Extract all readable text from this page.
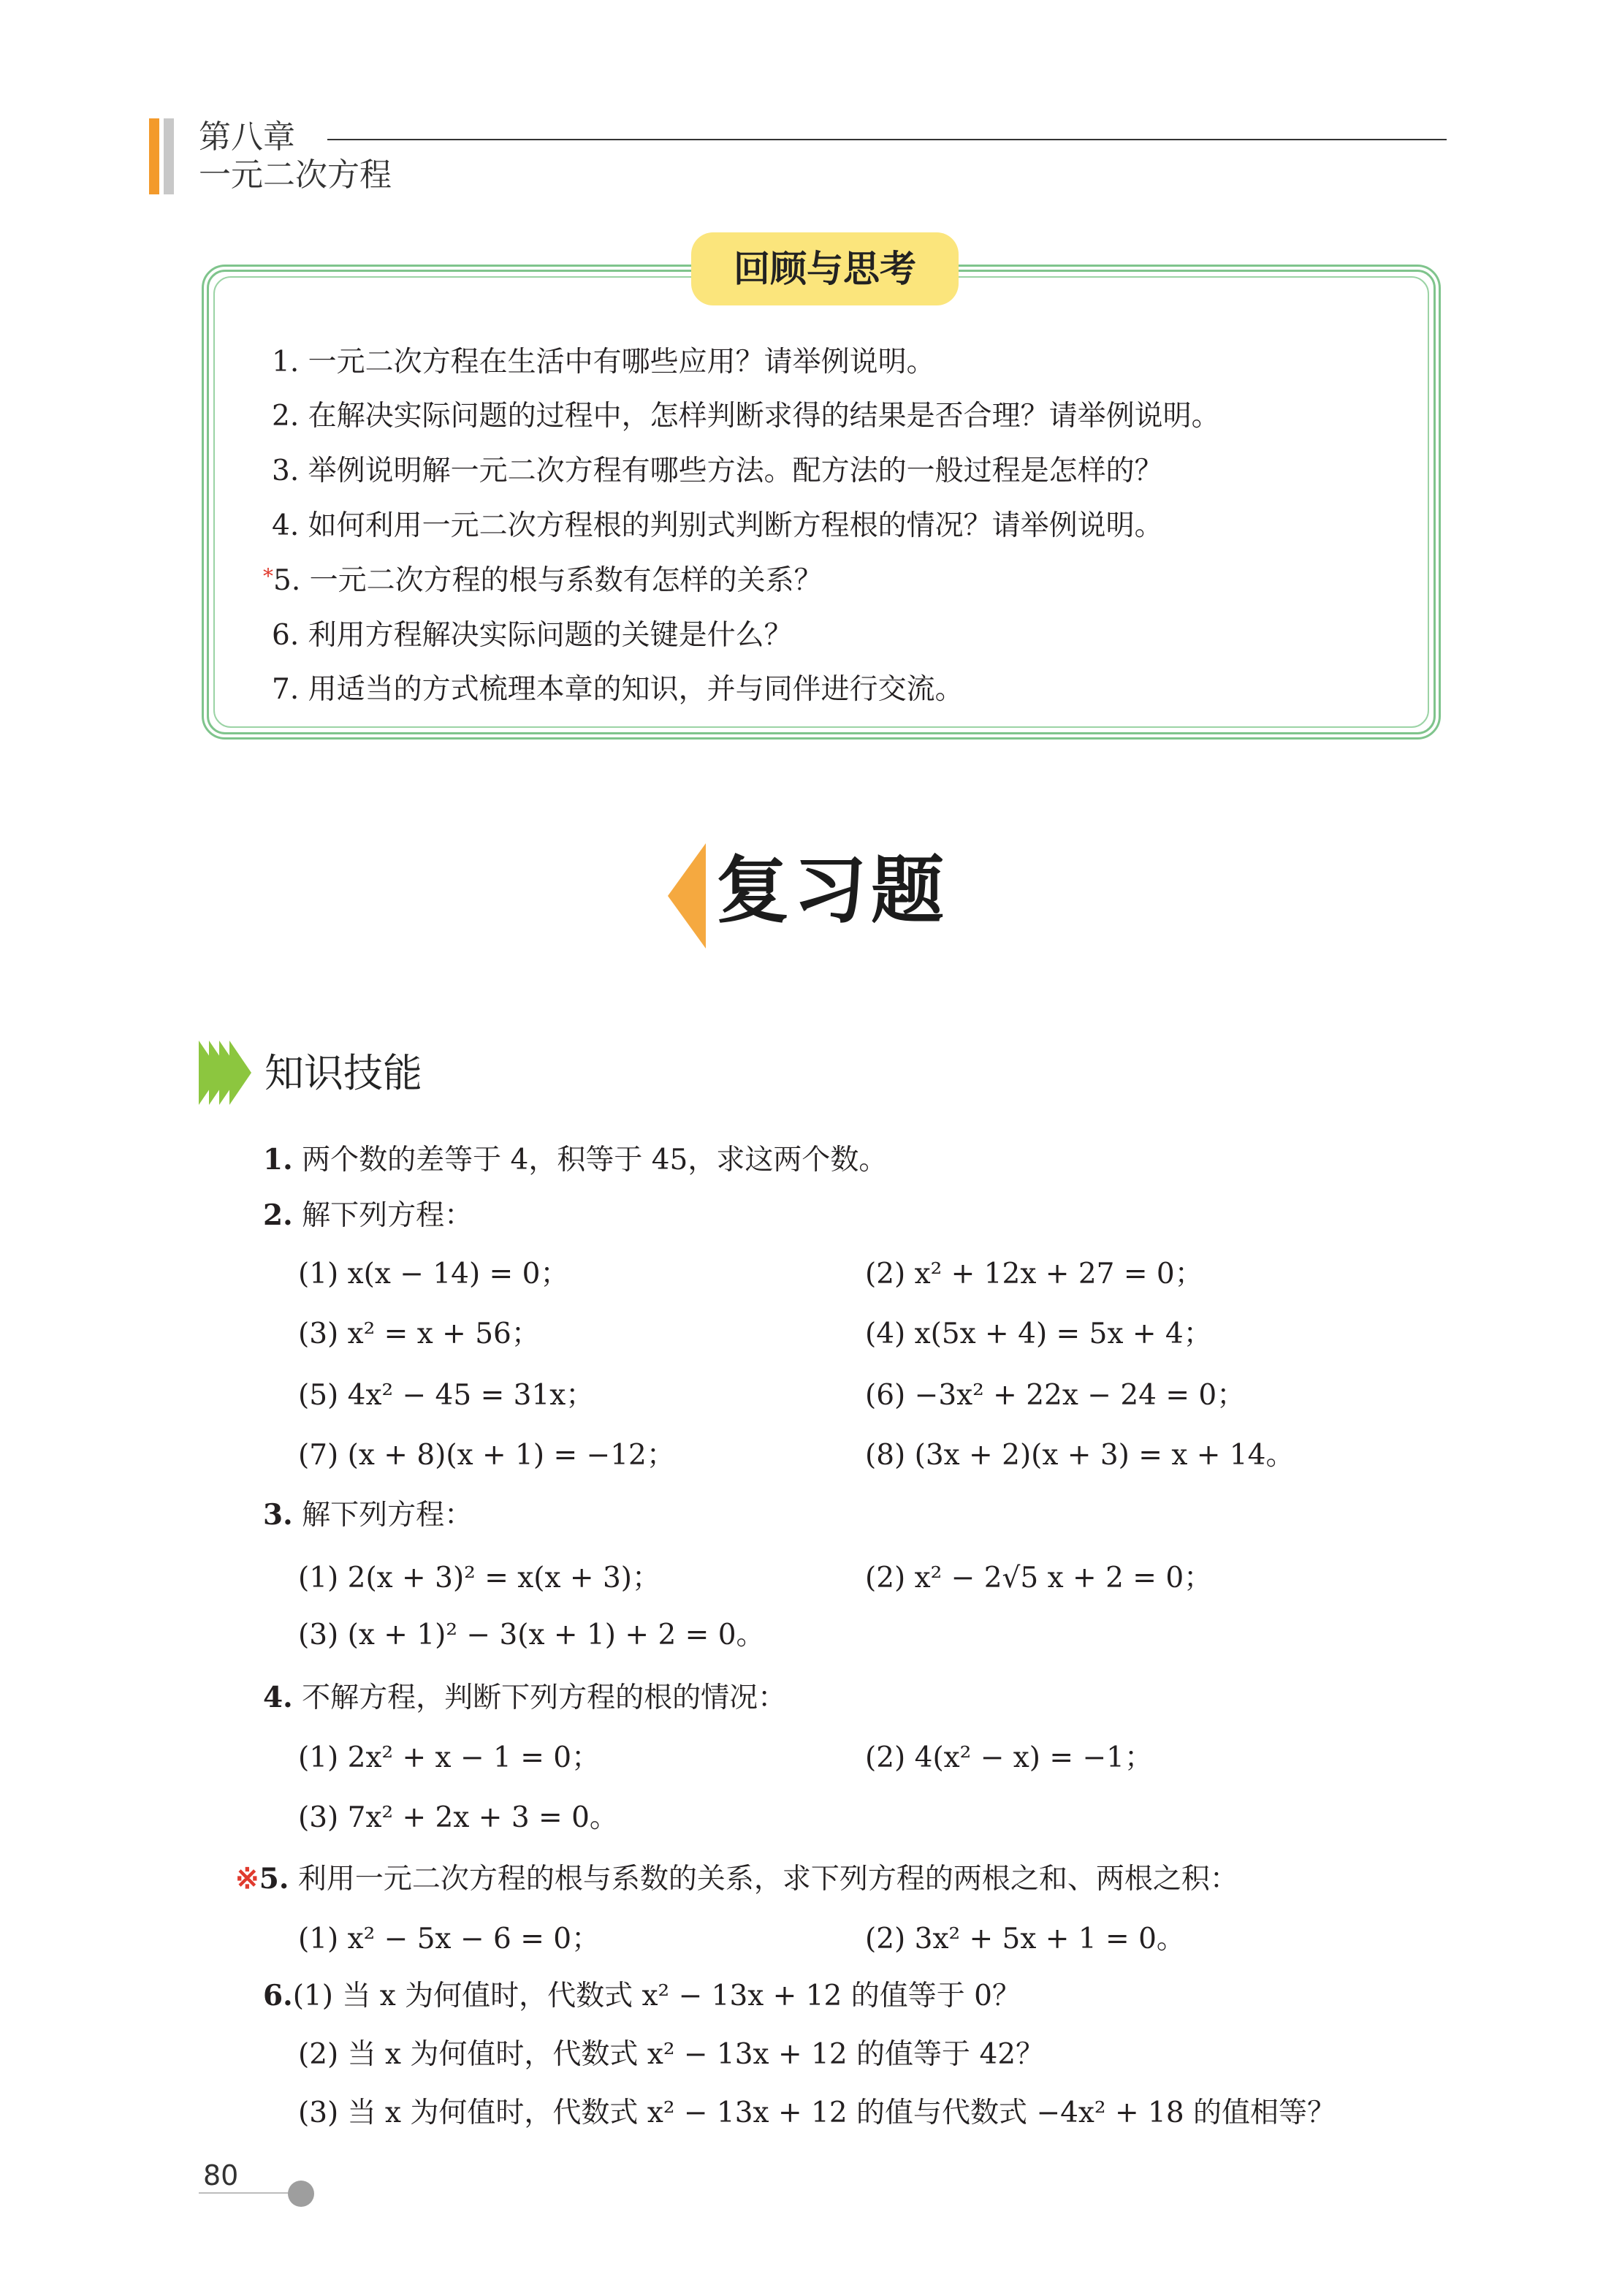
第八章
一元二次方程
回顾与思考
1. 一元二次方程在生活中有哪些应用？请举例说明。
2. 在解决实际问题的过程中，怎样判断求得的结果是否合理？请举例说明。
3. 举例说明解一元二次方程有哪些方法。配方法的一般过程是怎样的？
4. 如何利用一元二次方程根的判别式判断方程根的情况？请举例说明。
*5. 一元二次方程的根与系数有怎样的关系？
6. 利用方程解决实际问题的关键是什么？
7. 用适当的方式梳理本章的知识，并与同伴进行交流。
复习题
知识技能
1. 两个数的差等于 4，积等于 45，求这两个数。
2. 解下列方程：
(1) x(x − 14) = 0；	(2) x² + 12x + 27 = 0；
(3) x² = x + 56；	(4) x(5x + 4) = 5x + 4；
(5) 4x² − 45 = 31x；	(6) −3x² + 22x − 24 = 0；
(7) (x + 8)(x + 1) = −12；	(8) (3x + 2)(x + 3) = x + 14。
3. 解下列方程：
(1) 2(x + 3)² = x(x + 3)；	(2) x² − 2√5 x + 2 = 0；
(3) (x + 1)² − 3(x + 1) + 2 = 0。
4. 不解方程，判断下列方程的根的情况：
(1) 2x² + x − 1 = 0；	(2) 4(x² − x) = −1；
(3) 7x² + 2x + 3 = 0。
※5. 利用一元二次方程的根与系数的关系，求下列方程的两根之和、两根之积：
(1) x² − 5x − 6 = 0；	(2) 3x² + 5x + 1 = 0。
6.(1) 当 x 为何值时，代数式 x² − 13x + 12 的值等于 0？
(2) 当 x 为何值时，代数式 x² − 13x + 12 的值等于 42？
(3) 当 x 为何值时，代数式 x² − 13x + 12 的值与代数式 −4x² + 18 的值相等？
80
